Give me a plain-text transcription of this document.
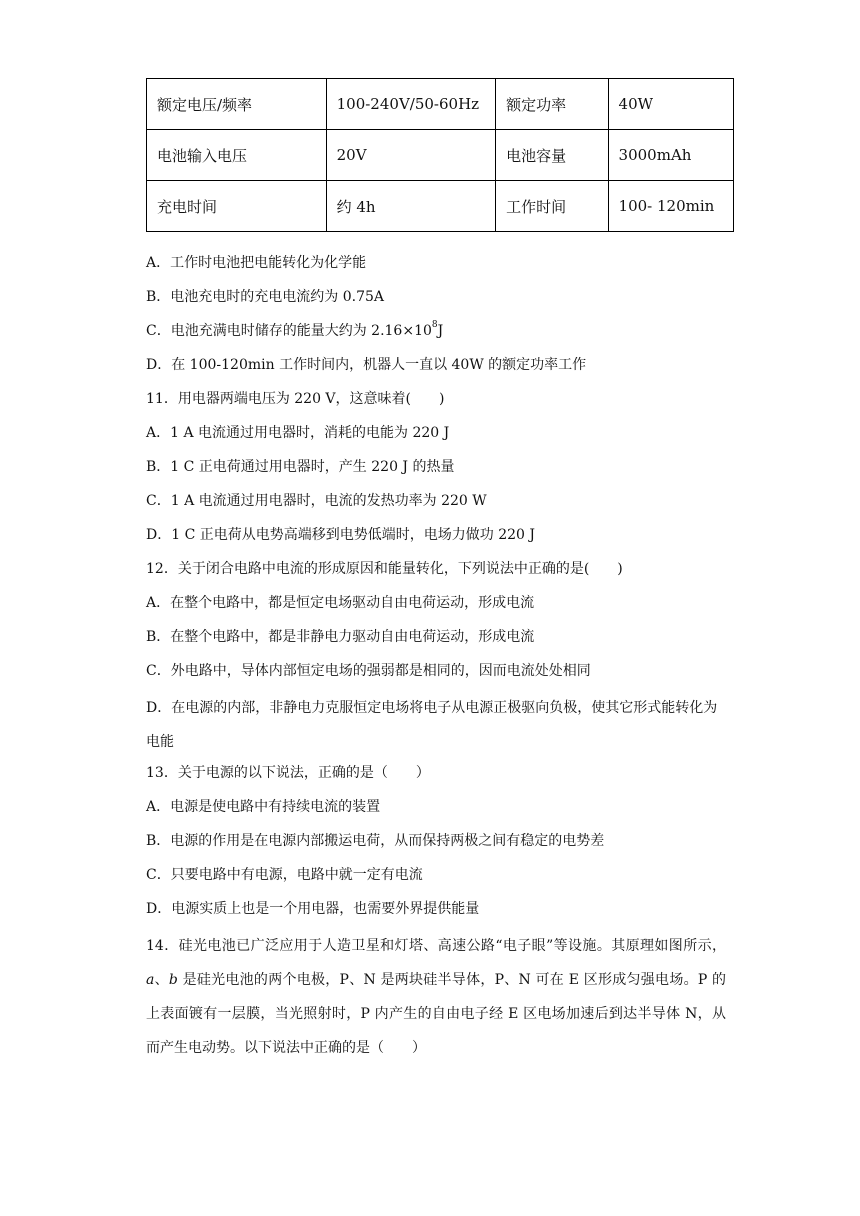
额定电压/频率	100-240V/50-60Hz	额定功率	40W
电池输入电压	20V	电池容量	3000mAh
充电时间	约 4h	工作时间	100- 120min
A．工作时电池把电能转化为化学能
B．电池充电时的充电电流约为 0.75A
C．电池充满电时储存的能量大约为 $2.16\times 10^8J$
D．在 100-120min 工作时间内，机器人一直以 40W 的额定功率工作
11．用电器两端电压为 220 V，这意味着(　　)
A．1 A 电流通过用电器时，消耗的电能为 220 J
B．1 C 正电荷通过用电器时，产生 220 J 的热量
C．1 A 电流通过用电器时，电流的发热功率为 220 W
D．1 C 正电荷从电势高端移到电势低端时，电场力做功 220 J
12．关于闭合电路中电流的形成原因和能量转化，下列说法中正确的是(　　)
A．在整个电路中，都是恒定电场驱动自由电荷运动，形成电流
B．在整个电路中，都是非静电力驱动自由电荷运动，形成电流
C．外电路中，导体内部恒定电场的强弱都是相同的，因而电流处处相同
D．在电源的内部，非静电力克服恒定电场将电子从电源正极驱向负极，使其它形式能转化为电能
13．关于电源的以下说法，正确的是（　　）
A．电源是使电路中有持续电流的装置
B．电源的作用是在电源内部搬运电荷，从而保持两极之间有稳定的电势差
C．只要电路中有电源，电路中就一定有电流
D．电源实质上也是一个用电器，也需要外界提供能量
14．硅光电池已广泛应用于人造卫星和灯塔、高速公路“电子眼”等设施。其原理如图所示，a、b 是硅光电池的两个电极，P、N 是两块硅半导体，P、N 可在 E 区形成匀强电场。P 的上表面镀有一层膜，当光照射时，P 内产生的自由电子经 E 区电场加速后到达半导体 N，从而产生电动势。以下说法中正确的是（　　）
